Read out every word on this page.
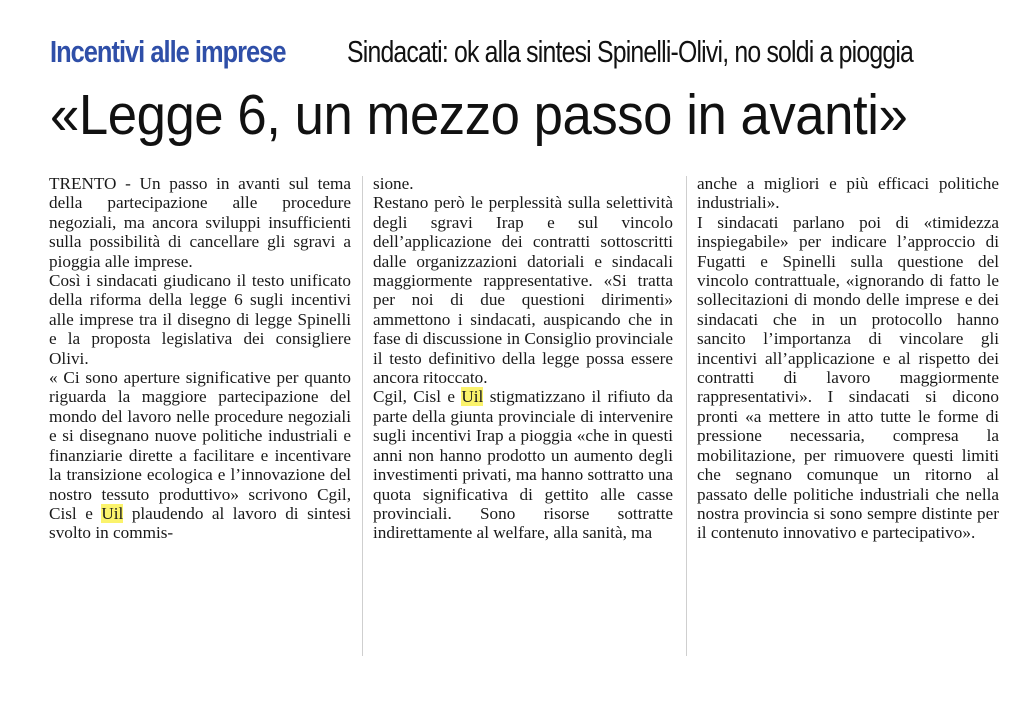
Incentivi alle imprese Sindacati: ok alla sintesi Spinelli-Olivi, no soldi a pioggia
«Legge 6, un mezzo passo in avanti»

TRENTO - Un passo in avanti sul tema della partecipazione alle procedure negoziali, ma ancora sviluppi insufficienti sulla possibilità di cancellare gli sgravi a pioggia alle imprese.

Così i sindacati giudicano il testo unificato della riforma della legge 6 sugli incentivi alle imprese tra il disegno di legge Spinelli e la proposta legislativa dei consigliere Olivi.

« Ci sono aperture significative per quanto riguarda la maggiore partecipazione del mondo del lavoro nelle procedure negoziali e si disegnano nuove politiche industriali e finanziarie dirette a facilitare e incentivare la transizione ecologica e l’innovazione del nostro tessuto produttivo» scrivono Cgil, Cisl e Uil plaudendo al lavoro di sintesi svolto in commis-

sione.

Restano però le perplessità sulla selettività degli sgravi Irap e sul vincolo dell’applicazione dei contratti sottoscritti dalle organizzazioni datoriali e sindacali maggiormente rappresentative. «Si tratta per noi di due questioni dirimenti» ammettono i sindacati, auspicando che in fase di discussione in Consiglio provinciale il testo definitivo della legge possa essere ancora ritoccato.

Cgil, Cisl e Uil stigmatizzano il rifiuto da parte della giunta provinciale di intervenire sugli incentivi Irap a pioggia «che in questi anni non hanno prodotto un aumento degli investimenti privati, ma hanno sottratto una quota significativa di gettito alle casse provinciali. Sono risorse sottratte indirettamente al welfare, alla sanità, ma

anche a migliori e più efficaci politiche industriali».

I sindacati parlano poi di «timidezza inspiegabile» per indicare l’approccio di Fugatti e Spinelli sulla questione del vincolo contrattuale, «ignorando di fatto le sollecitazioni di mondo delle imprese e dei sindacati che in un protocollo hanno sancito l’importanza di vincolare gli incentivi all’applicazione e al rispetto dei contratti di lavoro maggiormente rappresentativi». I sindacati si dicono pronti «a mettere in atto tutte le forme di pressione necessaria, compresa la mobilitazione, per rimuovere questi limiti che segnano comunque un ritorno al passato delle politiche industriali che nella nostra provincia si sono sempre distinte per il contenuto innovativo e partecipativo».
